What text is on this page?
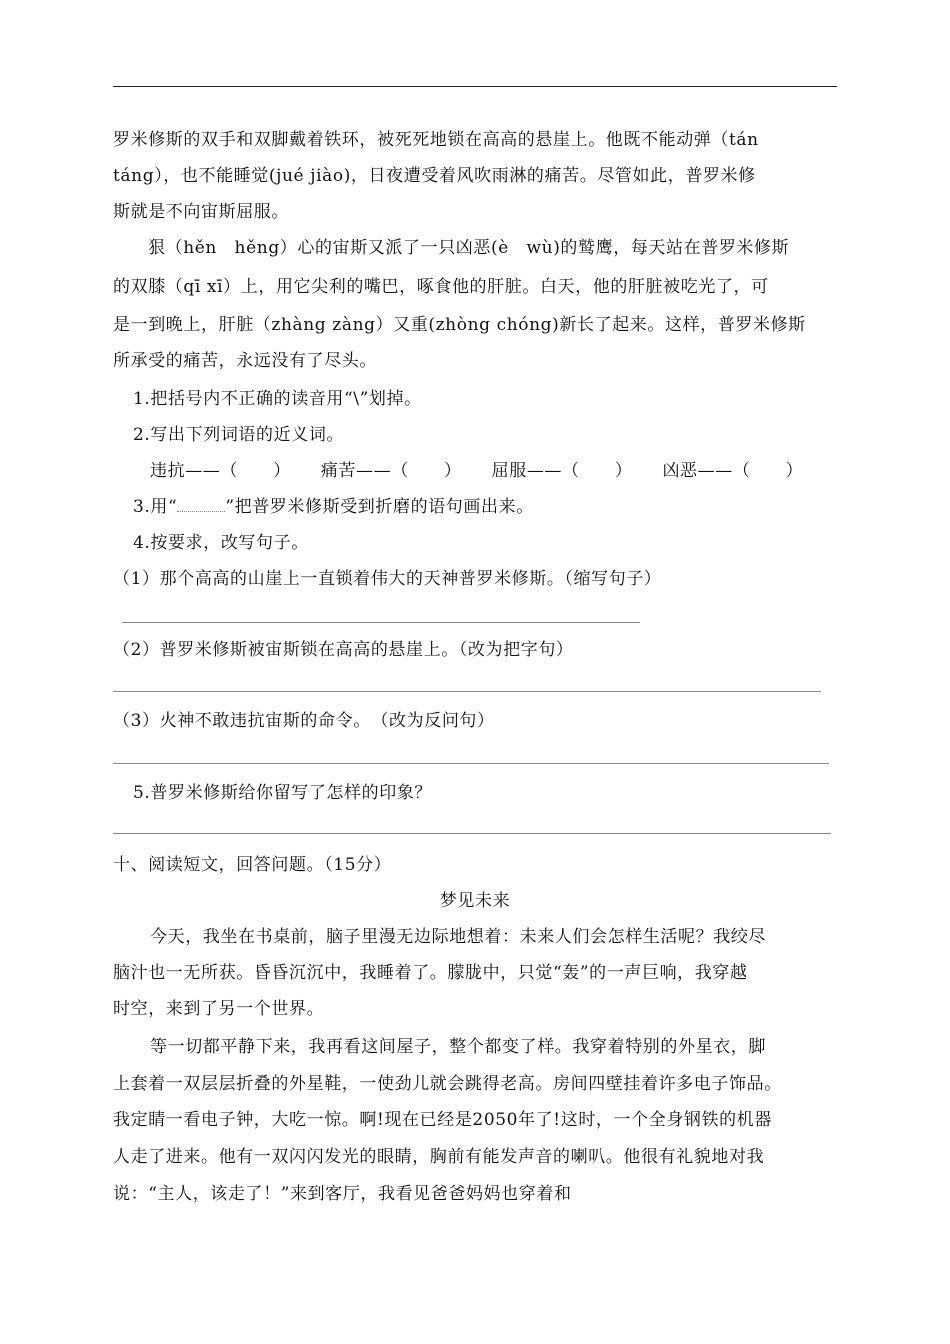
罗米修斯的双手和双脚戴着铁环，被死死地锁在高高的悬崖上。他既不能动弹（tán
táng），也不能睡觉(jué jiào)，日夜遭受着风吹雨淋的痛苦。尽管如此，普罗米修
斯就是不向宙斯屈服。
狠（hěn　hěng）心的宙斯又派了一只凶恶(è　wù)的鹫鹰，每天站在普罗米修斯
的双膝（qī xī）上，用它尖利的嘴巴，啄食他的肝脏。白天，他的肝脏被吃光了，可
是一到晚上，肝脏（zhàng zàng）又重(zhòng chóng)新长了起来。这样，普罗米修斯
所承受的痛苦，永远没有了尽头。
1.把括号内不正确的读音用“\”划掉。
2.写出下列词语的近义词。
违抗——（　　） 痛苦——（　　） 屈服——（　　） 凶恶——（　　）
3.用“	”把普罗米修斯受到折磨的语句画出来。
4.按要求，改写句子。
（1）那个高高的山崖上一直锁着伟大的天神普罗米修斯。（缩写句子）
（2）普罗米修斯被宙斯锁在高高的悬崖上。（改为把字句）
（3）火神不敢违抗宙斯的命令。　（改为反问句）
5.普罗米修斯给你留写了怎样的印象？
十、阅读短文，回答问题。（15分）
梦见未来
今天，我坐在书桌前，脑子里漫无边际地想着：未来人们会怎样生活呢？我绞尽
脑汁也一无所获。昏昏沉沉中，我睡着了。朦胧中，只觉“轰”的一声巨响，我穿越
时空，来到了另一个世界。
等一切都平静下来，我再看这间屋子，整个都变了样。我穿着特别的外星衣，脚
上套着一双层层折叠的外星鞋，一使劲儿就会跳得老高。房间四壁挂着许多电子饰品。
我定睛一看电子钟，大吃一惊。啊!现在已经是2050年了!这时，一个全身钢铁的机器
人走了进来。他有一双闪闪发光的眼睛，胸前有能发声音的喇叭。他很有礼貌地对我
说：“主人，该走了！”来到客厅，我看见爸爸妈妈也穿着和
